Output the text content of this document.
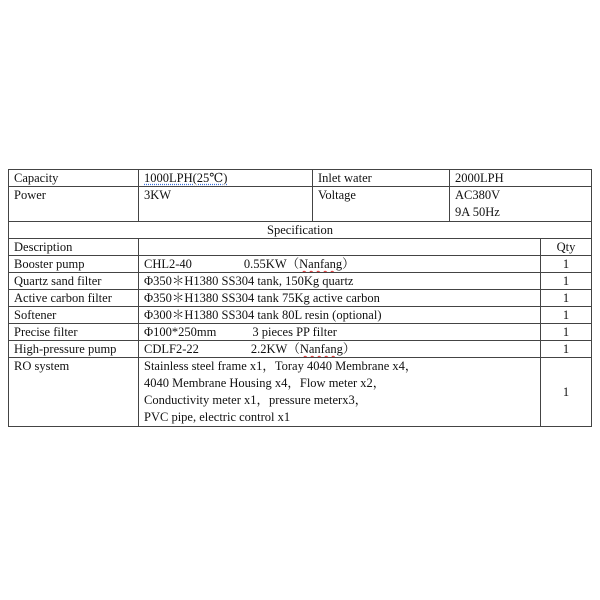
Capacity	1000LPH(25℃)	Inlet water	2000LPH	
Power	3KW	Voltage	AC380V
9A 50Hz	

Specification				
Description				Qty
Booster pump	CHL2-40 0.55KW（Nanfang）			1
Quartz sand filter	Φ350＊H1380 SS304 tank, 150Kg quartz			1
Active carbon filter	Φ350＊H1380 SS304 tank 75Kg active carbon			1
Softener	Φ300＊H1380 SS304 tank 80L resin (optional)			1
Precise filter	Φ100*250mm 3 pieces PP filter			1
High-pressure pump	CDLF2-22 2.2KW（Nanfang）			1
RO system	Stainless steel frame x1，Toray 4040 Membrane x4，
4040 Membrane Housing x4，Flow meter x2，
Conductivity meter x1，pressure meterx3，
PVC pipe, electric control x1			1
